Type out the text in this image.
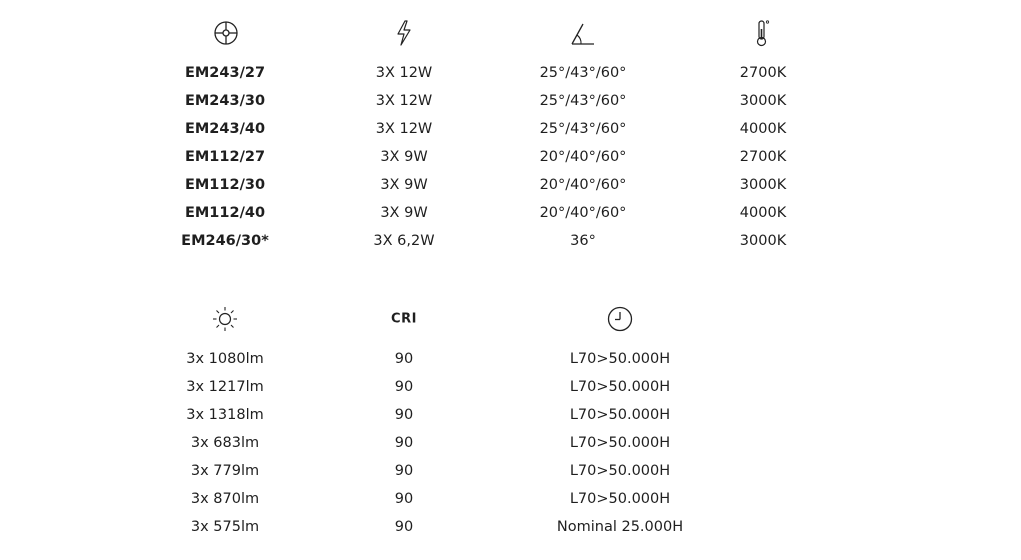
EM243/27	3X 12W	25°/43°/60°	2700K
EM243/30	3X 12W	25°/43°/60°	3000K
EM243/40	3X 12W	25°/43°/60°	4000K
EM112/27	3X 9W	20°/40°/60°	2700K
EM112/30	3X 9W	20°/40°/60°	3000K
EM112/40	3X 9W	20°/40°/60°	4000K
EM246/30*	3X 6,2W	36°	3000K
CRI
3x 1080lm	90	L70>50.000H
3x 1217lm	90	L70>50.000H
3x 1318lm	90	L70>50.000H
3x 683lm	90	L70>50.000H
3x 779lm	90	L70>50.000H
3x 870lm	90	L70>50.000H
3x 575lm	90	Nominal 25.000H
